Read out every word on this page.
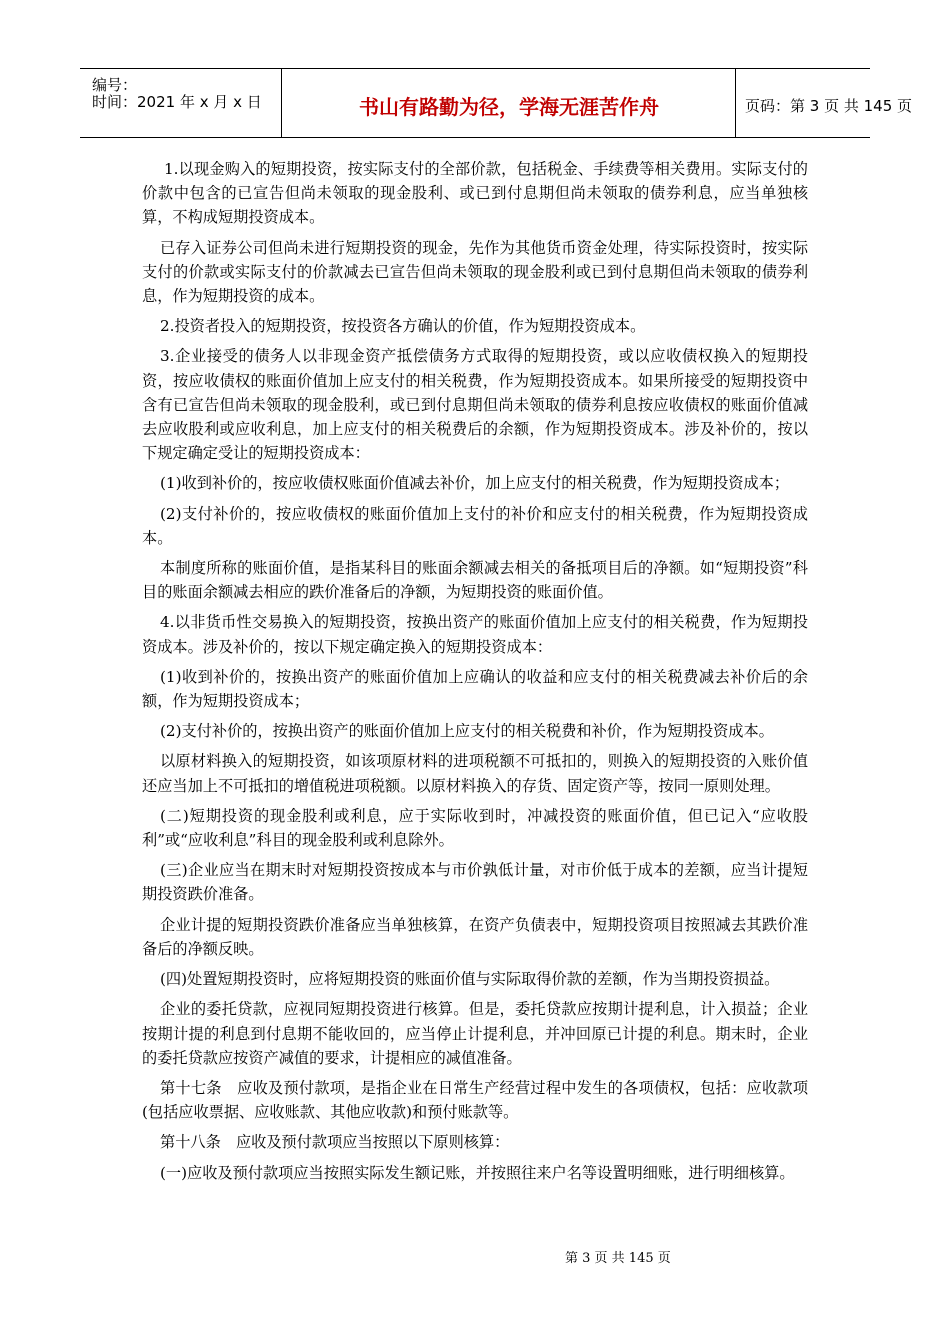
编号：
时间：2021 年 x 月 x 日	书山有路勤为径，学海无涯苦作舟	页码：第 3 页 共 145 页

1.以现金购入的短期投资，按实际支付的全部价款，包括税金、手续费等相关费用。实际支付的价款中包含的已宣告但尚未领取的现金股利、或已到付息期但尚未领取的债券利息，应当单独核算，不构成短期投资成本。

已存入证券公司但尚未进行短期投资的现金，先作为其他货币资金处理，待实际投资时，按实际支付的价款或实际支付的价款减去已宣告但尚未领取的现金股利或已到付息期但尚未领取的债券利息，作为短期投资的成本。

2.投资者投入的短期投资，按投资各方确认的价值，作为短期投资成本。

3.企业接受的债务人以非现金资产抵偿债务方式取得的短期投资，或以应收债权换入的短期投资，按应收债权的账面价值加上应支付的相关税费，作为短期投资成本。如果所接受的短期投资中含有已宣告但尚未领取的现金股利，或已到付息期但尚未领取的债券利息按应收债权的账面价值减去应收股利或应收利息，加上应支付的相关税费后的余额，作为短期投资成本。涉及补价的，按以下规定确定受让的短期投资成本：

(1)收到补价的，按应收债权账面价值减去补价，加上应支付的相关税费，作为短期投资成本；

(2)支付补价的，按应收债权的账面价值加上支付的补价和应支付的相关税费，作为短期投资成本。

本制度所称的账面价值，是指某科目的账面余额减去相关的备抵项目后的净额。如“短期投资”科目的账面余额减去相应的跌价准备后的净额，为短期投资的账面价值。

4.以非货币性交易换入的短期投资，按换出资产的账面价值加上应支付的相关税费，作为短期投资成本。涉及补价的，按以下规定确定换入的短期投资成本：

(1)收到补价的，按换出资产的账面价值加上应确认的收益和应支付的相关税费减去补价后的余额，作为短期投资成本；

(2)支付补价的，按换出资产的账面价值加上应支付的相关税费和补价，作为短期投资成本。

以原材料换入的短期投资，如该项原材料的进项税额不可抵扣的，则换入的短期投资的入账价值还应当加上不可抵扣的增值税进项税额。以原材料换入的存货、固定资产等，按同一原则处理。

(二)短期投资的现金股利或利息，应于实际收到时，冲减投资的账面价值，但已记入“应收股利”或“应收利息”科目的现金股利或利息除外。

(三)企业应当在期末时对短期投资按成本与市价孰低计量，对市价低于成本的差额，应当计提短期投资跌价准备。

企业计提的短期投资跌价准备应当单独核算，在资产负债表中，短期投资项目按照减去其跌价准备后的净额反映。

(四)处置短期投资时，应将短期投资的账面价值与实际取得价款的差额，作为当期投资损益。

企业的委托贷款，应视同短期投资进行核算。但是，委托贷款应按期计提利息，计入损益；企业按期计提的利息到付息期不能收回的，应当停止计提利息，并冲回原已计提的利息。期末时，企业的委托贷款应按资产减值的要求，计提相应的减值准备。

第十七条　应收及预付款项，是指企业在日常生产经营过程中发生的各项债权，包括：应收款项(包括应收票据、应收账款、其他应收款)和预付账款等。

第十八条　应收及预付款项应当按照以下原则核算：

(一)应收及预付款项应当按照实际发生额记账，并按照往来户名等设置明细账，进行明细核算。

第 3 页 共 145 页
